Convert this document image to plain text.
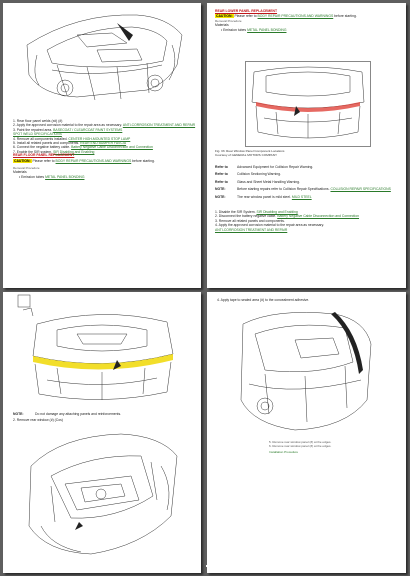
1. Rear floor panel welds (x#) (#)
2. Apply the approved corrosion material to the repair area as necessary. ANTI-CORROSION TREATMENT AND REPAIR
3. Paint the repaired area. BASECOAT / CLEARCOAT PAINT SYSTEMS
SPOT WELD SPECIFICATIONS
4. Remove all components installed. CENTER HIGH-MOUNTED STOP LAMP
5. Install all related panels and components. REAR END BUMPER FASCIA
6. Connect the negative battery cable. Battery Negative Cable Disconnection and Connection
7. Enable the SIR system. SIR Disabling and Enabling
REAR FLOOR PANEL REPLACEMENT
CAUTION: Please refer to BODY REPAIR PRECAUTIONS AND WARNINGS before starting.
Removal Procedure
Materials
• Emission tubes METAL PANEL BONDING
REAR LOWER PANEL REPLACEMENT
CAUTION: Please refer to BODY REPAIR PRECAUTIONS AND WARNINGS before starting.
Removal Procedure
Materials
• Emission tubes METAL PANEL BONDING
Fig. 33: Rear Window Panel Component Locations
Courtesy of GENERAL MOTORS COMPANY
Refer to	Advanced Equipment for Collision Repair Warning.
Refer to	Collision Sectioning Warning.
Refer to	Glass and Sheet Metal Handling Warning.
NOTE:	Before starting repairs refer to Collision Repair Specifications. COLLISION REPAIR SPECIFICATIONS
NOTE:	The rear window panel is mild steel. MILD STEEL
1. Disable the SIR System. SIR Disabling and Enabling
2. Disconnect the battery negative cable. Battery Negative Cable Disconnection and Connection
3. Remove all related panels and components.
4. Apply the approved corrosion material to the repair area as necessary.
ANTI-CORROSION TREATMENT AND REPAIR
NOTE:	Do not damage any attaching panels and reinforcements.
2. Remove rear window (#) (Cos)
4. Apply tape to sealed area (#) to the concealment adhesive.
5. Remove rear window panel (#) at the edges.
6. Remove rear window panel (#) at the edges.
Installation Procedure
CarGeometry
